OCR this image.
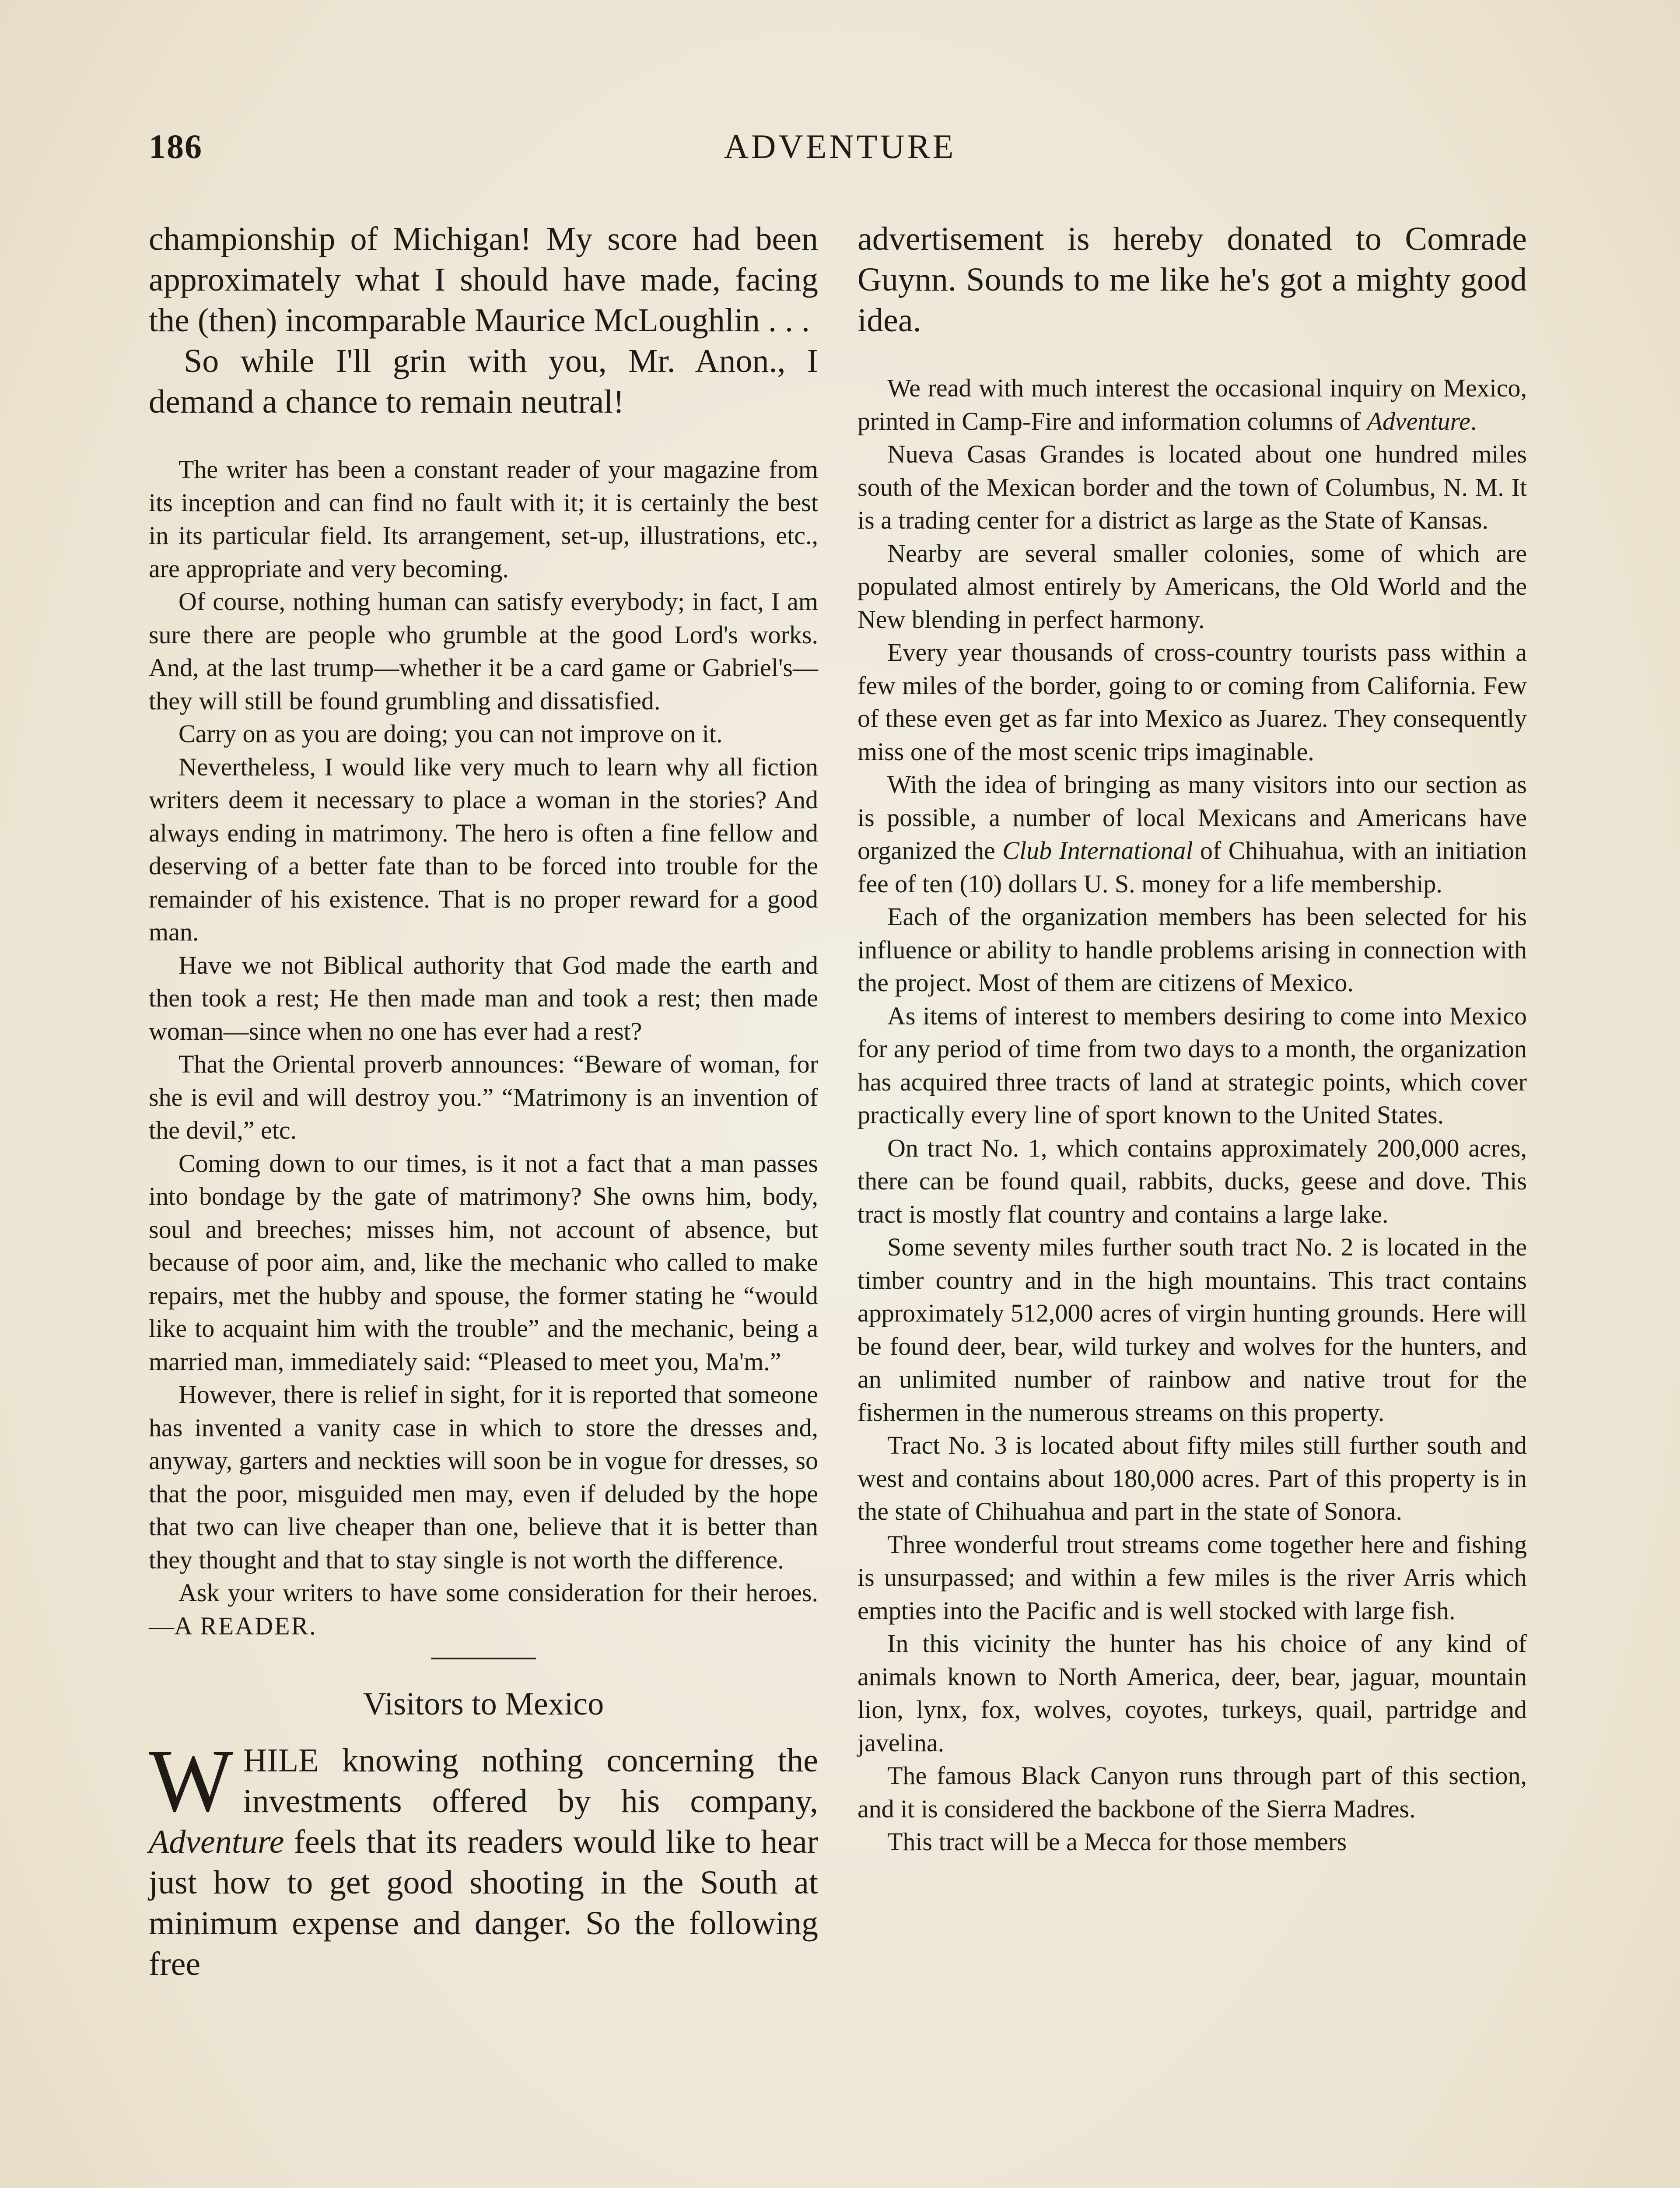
186	ADVENTURE

championship of Michigan! My score had been approximately what I should have made, facing the (then) incomparable Maurice McLoughlin . . .

So while I'll grin with you, Mr. Anon., I demand a chance to remain neutral!

The writer has been a constant reader of your magazine from its inception and can find no fault with it; it is certainly the best in its particular field. Its arrangement, set-up, illustrations, etc., are appropriate and very becoming.

Of course, nothing human can satisfy everybody; in fact, I am sure there are people who grumble at the good Lord's works. And, at the last trump—whether it be a card game or Gabriel's—they will still be found grumbling and dissatisfied.

Carry on as you are doing; you can not improve on it.

Nevertheless, I would like very much to learn why all fiction writers deem it necessary to place a woman in the stories? And always ending in matrimony. The hero is often a fine fellow and deserving of a better fate than to be forced into trouble for the remainder of his existence. That is no proper reward for a good man.

Have we not Biblical authority that God made the earth and then took a rest; He then made man and took a rest; then made woman—since when no one has ever had a rest?

That the Oriental proverb announces: “Beware of woman, for she is evil and will destroy you.” “Matrimony is an invention of the devil,” etc.

Coming down to our times, is it not a fact that a man passes into bondage by the gate of matrimony? She owns him, body, soul and breeches; misses him, not account of absence, but because of poor aim, and, like the mechanic who called to make repairs, met the hubby and spouse, the former stating he “would like to acquaint him with the trouble” and the mechanic, being a married man, immediately said: “Pleased to meet you, Ma'm.”

However, there is relief in sight, for it is reported that someone has invented a vanity case in which to store the dresses and, anyway, garters and neckties will soon be in vogue for dresses, so that the poor, misguided men may, even if deluded by the hope that two can live cheaper than one, believe that it is better than they thought and that to stay single is not worth the difference.

Ask your writers to have some consideration for their heroes.—A READER.

Visitors to Mexico

WHILE knowing nothing concerning the investments offered by his company, Adventure feels that its readers would like to hear just how to get good shooting in the South at minimum expense and danger. So the following free

advertisement is hereby donated to Comrade Guynn. Sounds to me like he's got a mighty good idea.

We read with much interest the occasional inquiry on Mexico, printed in Camp-Fire and information columns of Adventure.

Nueva Casas Grandes is located about one hundred miles south of the Mexican border and the town of Columbus, N. M. It is a trading center for a district as large as the State of Kansas.

Nearby are several smaller colonies, some of which are populated almost entirely by Americans, the Old World and the New blending in perfect harmony.

Every year thousands of cross-country tourists pass within a few miles of the border, going to or coming from California. Few of these even get as far into Mexico as Juarez. They consequently miss one of the most scenic trips imaginable.

With the idea of bringing as many visitors into our section as is possible, a number of local Mexicans and Americans have organized the Club International of Chihuahua, with an initiation fee of ten (10) dollars U. S. money for a life membership.

Each of the organization members has been selected for his influence or ability to handle problems arising in connection with the project. Most of them are citizens of Mexico.

As items of interest to members desiring to come into Mexico for any period of time from two days to a month, the organization has acquired three tracts of land at strategic points, which cover practically every line of sport known to the United States.

On tract No. 1, which contains approximately 200,000 acres, there can be found quail, rabbits, ducks, geese and dove. This tract is mostly flat country and contains a large lake.

Some seventy miles further south tract No. 2 is located in the timber country and in the high mountains. This tract contains approximately 512,000 acres of virgin hunting grounds. Here will be found deer, bear, wild turkey and wolves for the hunters, and an unlimited number of rainbow and native trout for the fishermen in the numerous streams on this property.

Tract No. 3 is located about fifty miles still further south and west and contains about 180,000 acres. Part of this property is in the state of Chihuahua and part in the state of Sonora.

Three wonderful trout streams come together here and fishing is unsurpassed; and within a few miles is the river Arris which empties into the Pacific and is well stocked with large fish.

In this vicinity the hunter has his choice of any kind of animals known to North America, deer, bear, jaguar, mountain lion, lynx, fox, wolves, coyotes, turkeys, quail, partridge and javelina.

The famous Black Canyon runs through part of this section, and it is considered the backbone of the Sierra Madres.

This tract will be a Mecca for those members
